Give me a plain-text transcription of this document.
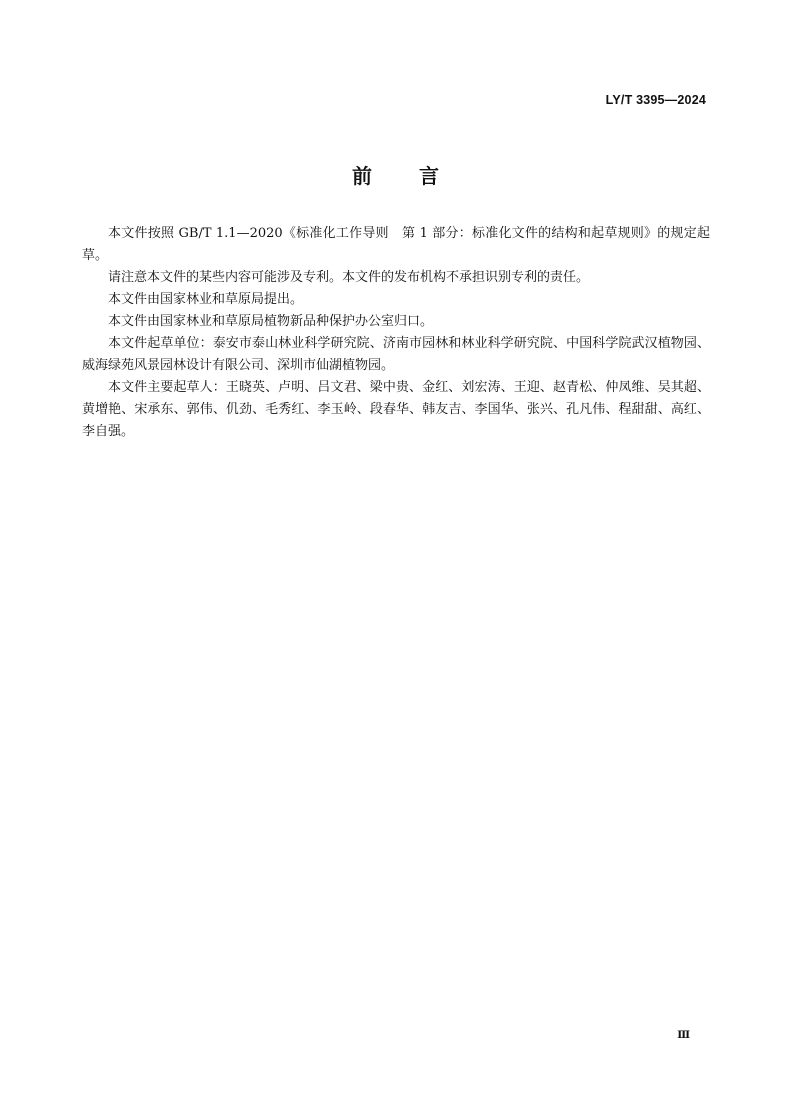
LY/T 3395—2024
前 言

本文件按照 GB/T 1.1—2020《标准化工作导则　第 1 部分：标准化文件的结构和起草规则》的规定起草。

请注意本文件的某些内容可能涉及专利。本文件的发布机构不承担识别专利的责任。

本文件由国家林业和草原局提出。

本文件由国家林业和草原局植物新品种保护办公室归口。

本文件起草单位：泰安市泰山林业科学研究院、济南市园林和林业科学研究院、中国科学院武汉植物园、威海绿苑风景园林设计有限公司、深圳市仙湖植物园。

本文件主要起草人：王晓英、卢明、吕文君、梁中贵、金红、刘宏涛、王迎、赵青松、仲凤维、吴其超、黄增艳、宋承东、郭伟、仉劲、毛秀红、李玉岭、段春华、韩友吉、李国华、张兴、孔凡伟、程甜甜、高红、李自强。

Ⅲ
